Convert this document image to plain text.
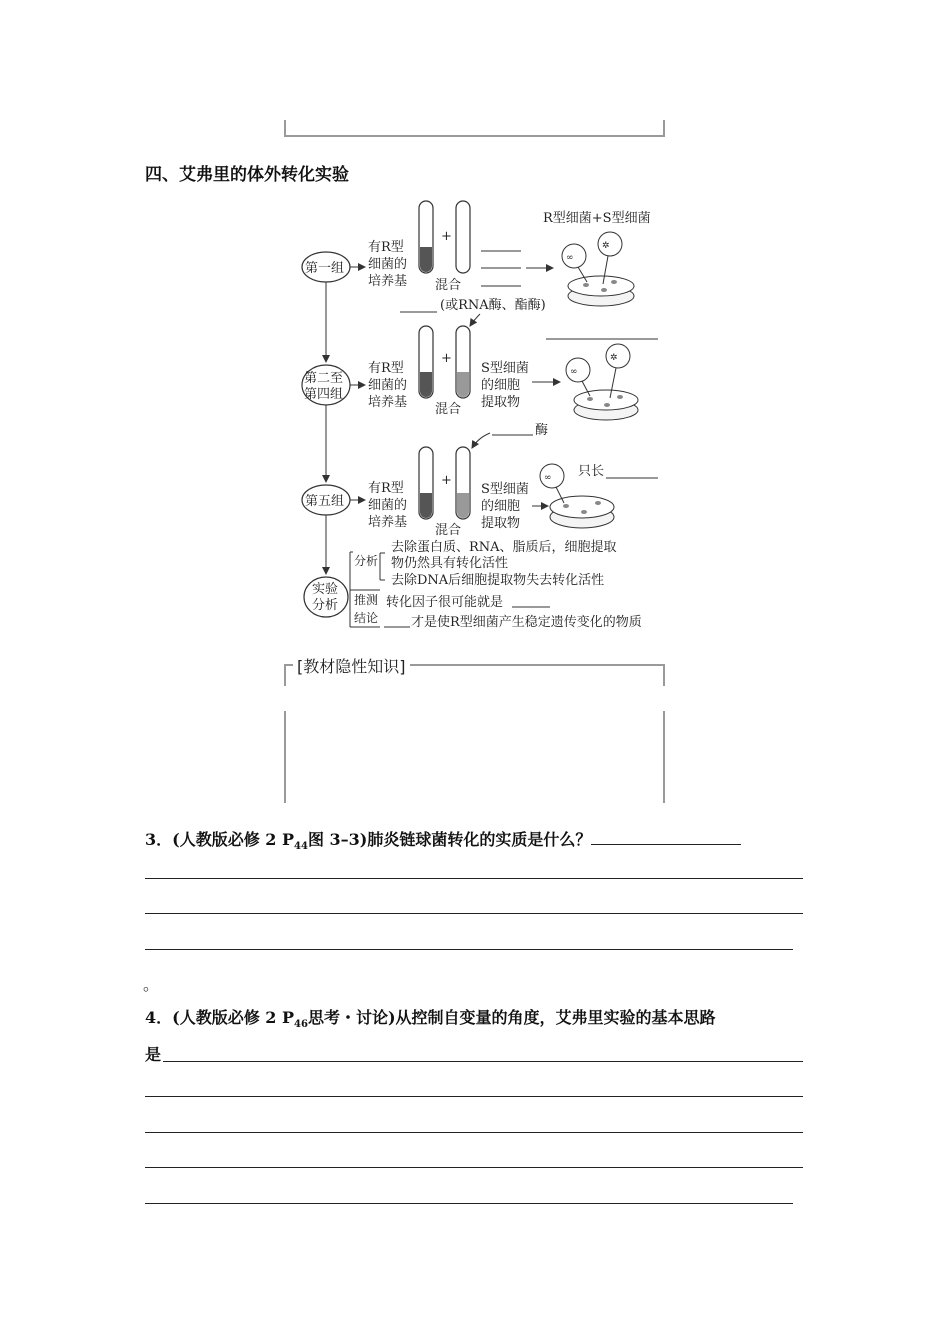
四、艾弗里的体外转化实验
R型细菌+S型细菌
第一组
第二至
第四组
第五组
实验
分析
有R型
细菌的
培养基
+
混合
∞
✲
(或RNA酶、酯酶)
有R型
细菌的
培养基
+
混合
S型细菌
的细胞
提取物
∞
✲
酶
有R型
细菌的
培养基
+
混合
S型细菌
的细胞
提取物
∞ 只长
分析
推测
结论
去除蛋白质、RNA、脂质后，细胞提取
物仍然具有转化活性
去除DNA后细胞提取物失去转化活性
转化因子很可能就是
才是使R型细菌产生稳定遗传变化的物质
[教材隐性知识]
3．(人教版必修 2 $P_{44}$图 3–3)肺炎链球菌转化的实质是什么？
。
4．(人教版必修 2 $P_{46}$思考・讨论)从控制自变量的角度，艾弗里实验的基本思路
是
